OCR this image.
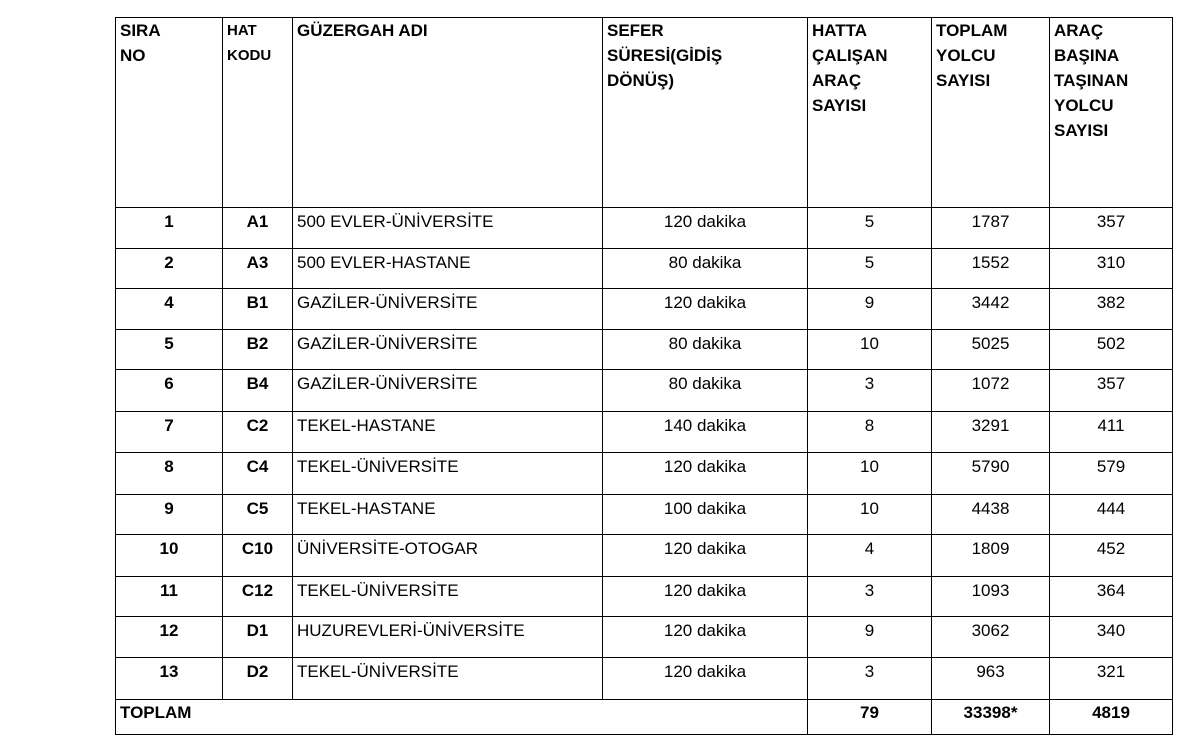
SIRA
NO	HAT
KODU	GÜZERGAH ADI	SEFER
SÜRESİ(GİDİŞ
DÖNÜŞ)	HATTA
ÇALIŞAN
ARAÇ
SAYISI	TOPLAM
YOLCU
SAYISI	ARAÇ
BAŞINA
TAŞINAN
YOLCU
SAYISI

1	A1	500 EVLER-ÜNİVERSİTE	120 dakika	5	1787	357
2	A3	500 EVLER-HASTANE	80 dakika	5	1552	310
4	B1	GAZİLER-ÜNİVERSİTE	120 dakika	9	3442	382
5	B2	GAZİLER-ÜNİVERSİTE	80 dakika	10	5025	502
6	B4	GAZİLER-ÜNİVERSİTE	80 dakika	3	1072	357
7	C2	TEKEL-HASTANE	140 dakika	8	3291	411
8	C4	TEKEL-ÜNİVERSİTE	120 dakika	10	5790	579
9	C5	TEKEL-HASTANE	100 dakika	10	4438	444
10	C10	ÜNİVERSİTE-OTOGAR	120 dakika	4	1809	452
11	C12	TEKEL-ÜNİVERSİTE	120 dakika	3	1093	364
12	D1	HUZUREVLERİ-ÜNİVERSİTE	120 dakika	9	3062	340
13	D2	TEKEL-ÜNİVERSİTE	120 dakika	3	963	321
TOPLAM				79	33398*	4819
